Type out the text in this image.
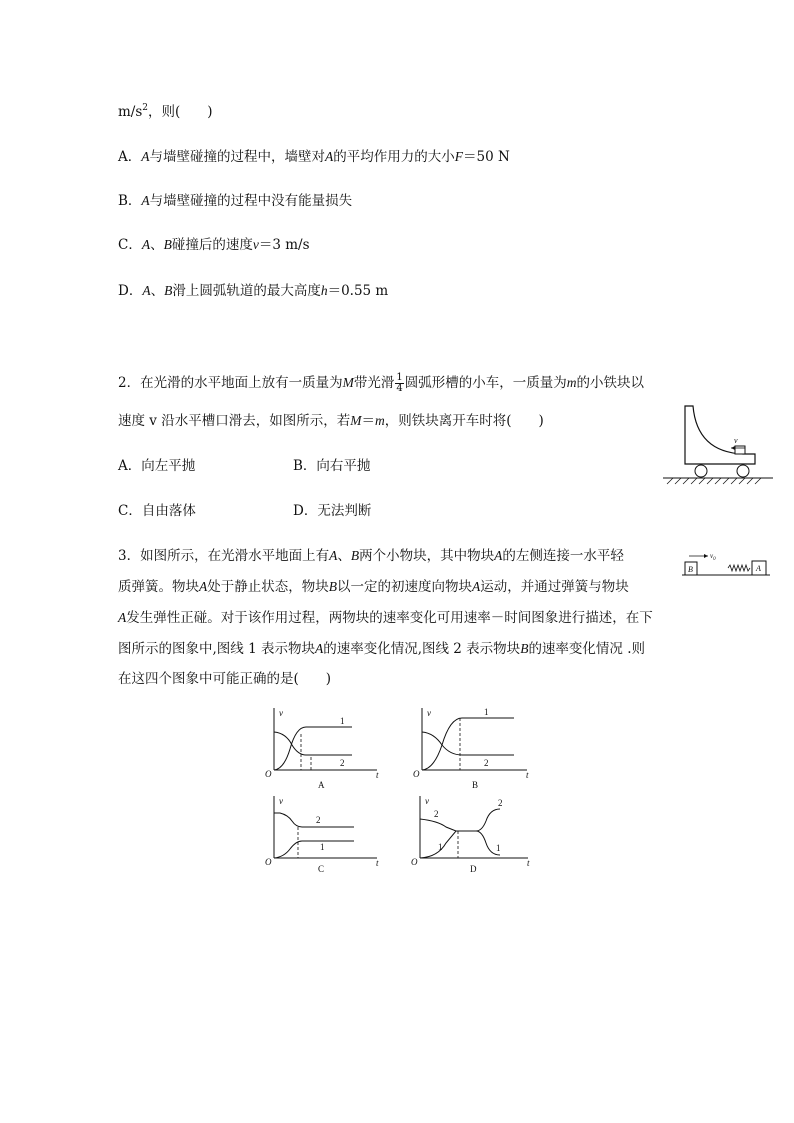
$m/s^2$，则(　　)
A．A与墙壁碰撞的过程中，墙壁对A的平均作用力的大小F＝50 N
B．A与墙壁碰撞的过程中没有能量损失
C．A、B碰撞后的速度v＝3 m/s
D．A、B滑上圆弧轨道的最大高度h＝0.55 m
2．在光滑的水平地面上放有一质量为M带光滑 $\frac{1}{4}$ 圆弧形槽的小车，一质量为m的小铁块以
速度 v 沿水平槽口滑去，如图所示，若M＝m，则铁块离开车时将(　　)
A．向左平抛	B．向右平抛
C．自由落体	D．无法判断
v
3．如图所示，在光滑水平地面上有A、B两个小物块，其中物块A的左侧连接一水平轻
质弹簧。物块A处于静止状态，物块B以一定的初速度向物块A运动，并通过弹簧与物块
A发生弹性正碰。对于该作用过程，两物块的速率变化可用速率－时间图象进行描述，在下
图所示的图象中,图线 1 表示物块A的速率变化情况,图线 2 表示物块B的速率变化情况 .则
在这四个图象中可能正确的是(　　)
B
$v_0$
A
O
v
t
1
2
A
O
v
t
1
2
B
O
v
t
2
1
C
O
v
t
2
2
1	1
D
